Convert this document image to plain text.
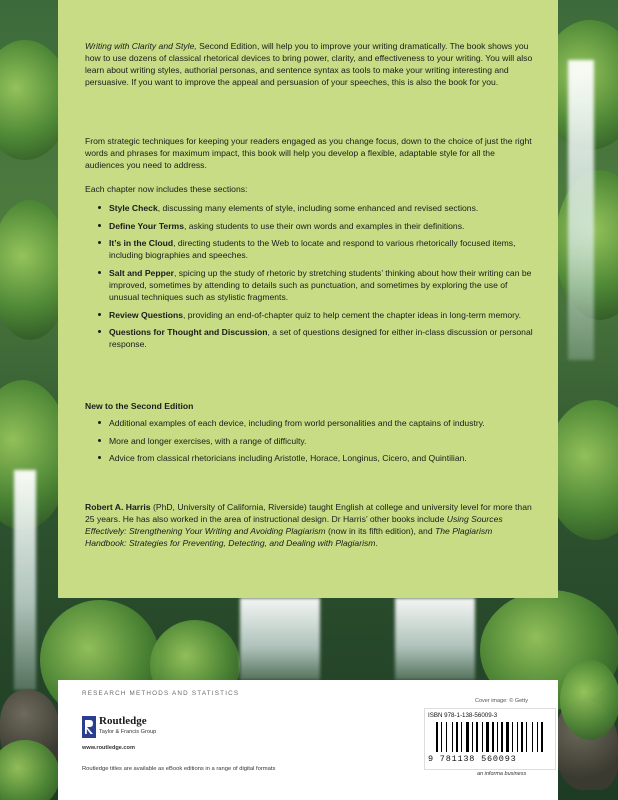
Writing with Clarity and Style, Second Edition, will help you to improve your writing dramatically. The book shows you how to use dozens of classical rhetorical devices to bring power, clarity, and effectiveness to your writing. You will also learn about writing styles, authorial personas, and sentence syntax as tools to make your writing interesting and persuasive. If you want to improve the appeal and persuasion of your speeches, this is also the book for you.

From strategic techniques for keeping your readers engaged as you change focus, down to the choice of just the right words and phrases for maximum impact, this book will help you develop a flexible, adaptable style for all the audiences you need to address.

Each chapter now includes these sections:

Style Check, discussing many elements of style, including some enhanced and revised sections.
Define Your Terms, asking students to use their own words and examples in their definitions.
It’s in the Cloud, directing students to the Web to locate and respond to various rhetorically focused items, including biographies and speeches.
Salt and Pepper, spicing up the study of rhetoric by stretching students’ thinking about how their writing can be improved, sometimes by attending to details such as punctuation, and sometimes by exploring the use of unusual techniques such as stylistic fragments.
Review Questions, providing an end-of-chapter quiz to help cement the chapter ideas in long-term memory.
Questions for Thought and Discussion, a set of questions designed for either in-class discussion or personal response.

New to the Second Edition

Additional examples of each device, including from world personalities and the captains of industry.
More and longer exercises, with a range of difficulty.
Advice from classical rhetoricians including Aristotle, Horace, Longinus, Cicero, and Quintilian.

Robert A. Harris (PhD, University of California, Riverside) taught English at college and university level for more than 25 years. He has also worked in the area of instructional design. Dr Harris’ other books include Using Sources Effectively: Strengthening Your Writing and Avoiding Plagiarism (now in its fifth edition), and The Plagiarism Handbook: Strategies for Preventing, Detecting, and Dealing with Plagiarism.

RESEARCH METHODS AND STATISTICS
Cover image: © Getty
Routledge
Taylor & Francis Group
www.routledge.com
Routledge titles are available as eBook editions in a range of digital formats
ISBN 978-1-138-56009-3
9 781138 560093
an informa business
